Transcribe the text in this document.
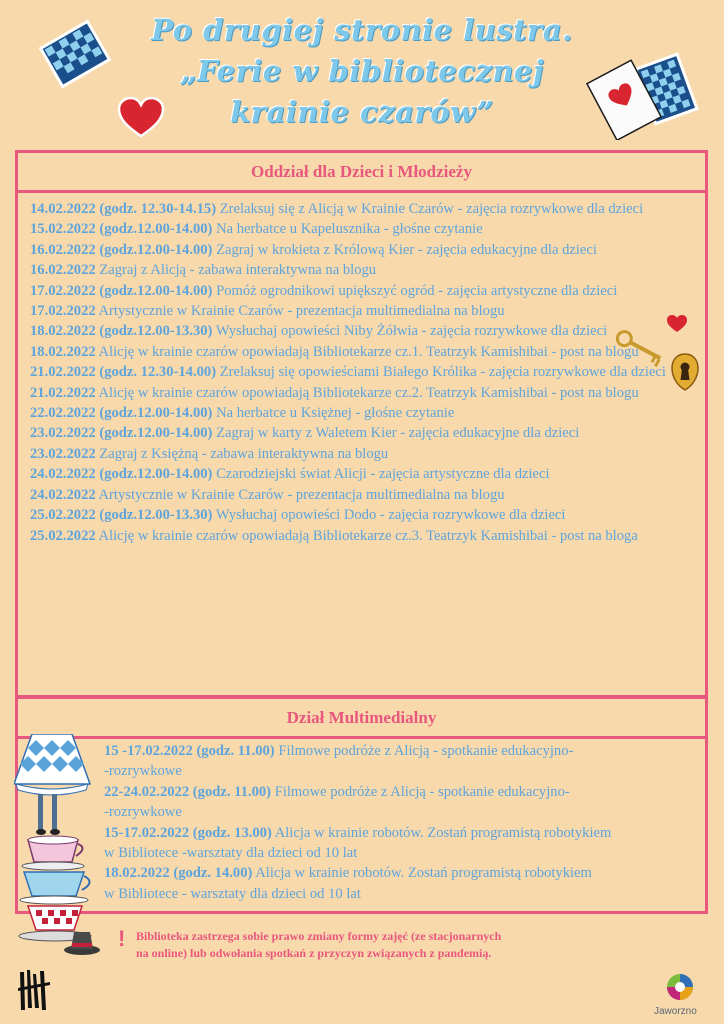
Po drugiej stronie lustra.
„Ferie w bibliotecznej
krainie czarów”
Oddział dla Dzieci i Młodzieży

14.02.2022 (godz. 12.30-14.15) Zrelaksuj się z Alicją w Krainie Czarów - zajęcia rozrywkowe dla dzieci

15.02.2022 (godz.12.00-14.00) Na herbatce u Kapelusznika - głośne czytanie

16.02.2022 (godz.12.00-14.00) Zagraj w krokieta z Królową Kier - zajęcia edukacyjne dla dzieci

16.02.2022 Zagraj z Alicją - zabawa interaktywna na blogu

17.02.2022 (godz.12.00-14.00) Pomóż ogrodnikowi upiększyć ogród - zajęcia artystyczne dla dzieci

17.02.2022 Artystycznie w Krainie Czarów - prezentacja multimedialna na blogu

18.02.2022 (godz.12.00-13.30) Wysłuchaj opowieści Niby Żółwia - zajęcia rozrywkowe dla dzieci

18.02.2022 Alicję w krainie czarów opowiadają Bibliotekarze cz.1. Teatrzyk Kamishibai - post na blogu

21.02.2022 (godz. 12.30-14.00) Zrelaksuj się opowieściami Białego Królika - zajęcia rozrywkowe dla dzieci

21.02.2022 Alicję w krainie czarów opowiadają Bibliotekarze cz.2. Teatrzyk Kamishibai - post na blogu

22.02.2022 (godz.12.00-14.00) Na herbatce u Księżnej - głośne czytanie

23.02.2022 (godz.12.00-14.00) Zagraj w karty z Waletem Kier - zajęcia edukacyjne dla dzieci

23.02.2022 Zagraj z Księżną - zabawa interaktywna na blogu

24.02.2022 (godz.12.00-14.00) Czarodziejski świat Alicji - zajęcia artystyczne dla dzieci

24.02.2022 Artystycznie w Krainie Czarów - prezentacja multimedialna na blogu

25.02.2022 (godz.12.00-13.30) Wysłuchaj opowieści Dodo - zajęcia rozrywkowe dla dzieci

25.02.2022 Alicję w krainie czarów opowiadają Bibliotekarze cz.3. Teatrzyk Kamishibai - post na bloga

Dział Multimedialny

15 -17.02.2022 (godz. 11.00) Filmowe podróże z Alicją - spotkanie edukacyjno-
-rozrywkowe

22-24.02.2022 (godz. 11.00) Filmowe podróże z Alicją - spotkanie edukacyjno-
-rozrywkowe

15-17.02.2022 (godz. 13.00) Alicja w krainie robotów. Zostań programistą robotykiem
w Bibliotece -warsztaty dla dzieci od 10 lat

18.02.2022 (godz. 14.00) Alicja w krainie robotów. Zostań programistą robotykiem
w Bibliotece - warsztaty dla dzieci od 10 lat

! Biblioteka zastrzega sobie prawo zmiany formy zajęć (ze stacjonarnych
na online) lub odwołania spotkań z przyczyn związanych z pandemią.
Jaworzno
